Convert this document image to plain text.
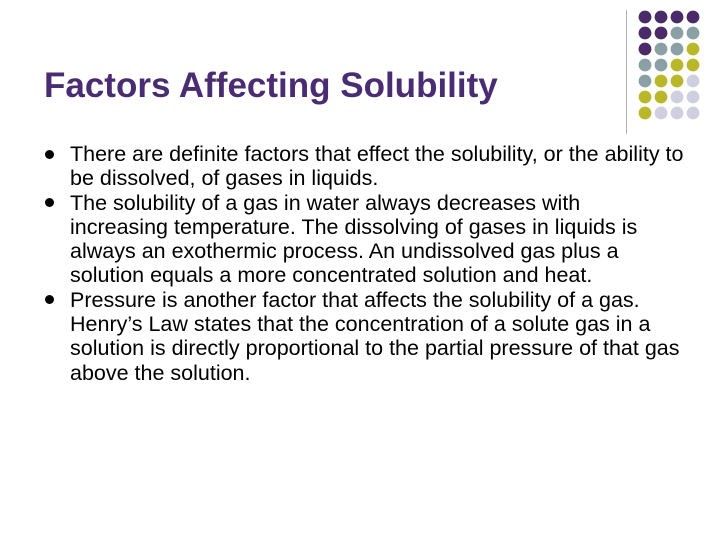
Factors Affecting Solubility
There are definite factors that effect the solubility, or the ability to be dissolved, of gases in liquids.
The solubility of a gas in water always decreases with increasing temperature. The dissolving of gases in liquids is always an exothermic process. An undissolved gas plus a solution equals a more concentrated solution and heat.
Pressure is another factor that affects the solubility of a gas. Henry’s Law states that the concentration of a solute gas in a solution is directly proportional to the partial pressure of that gas above the solution.
